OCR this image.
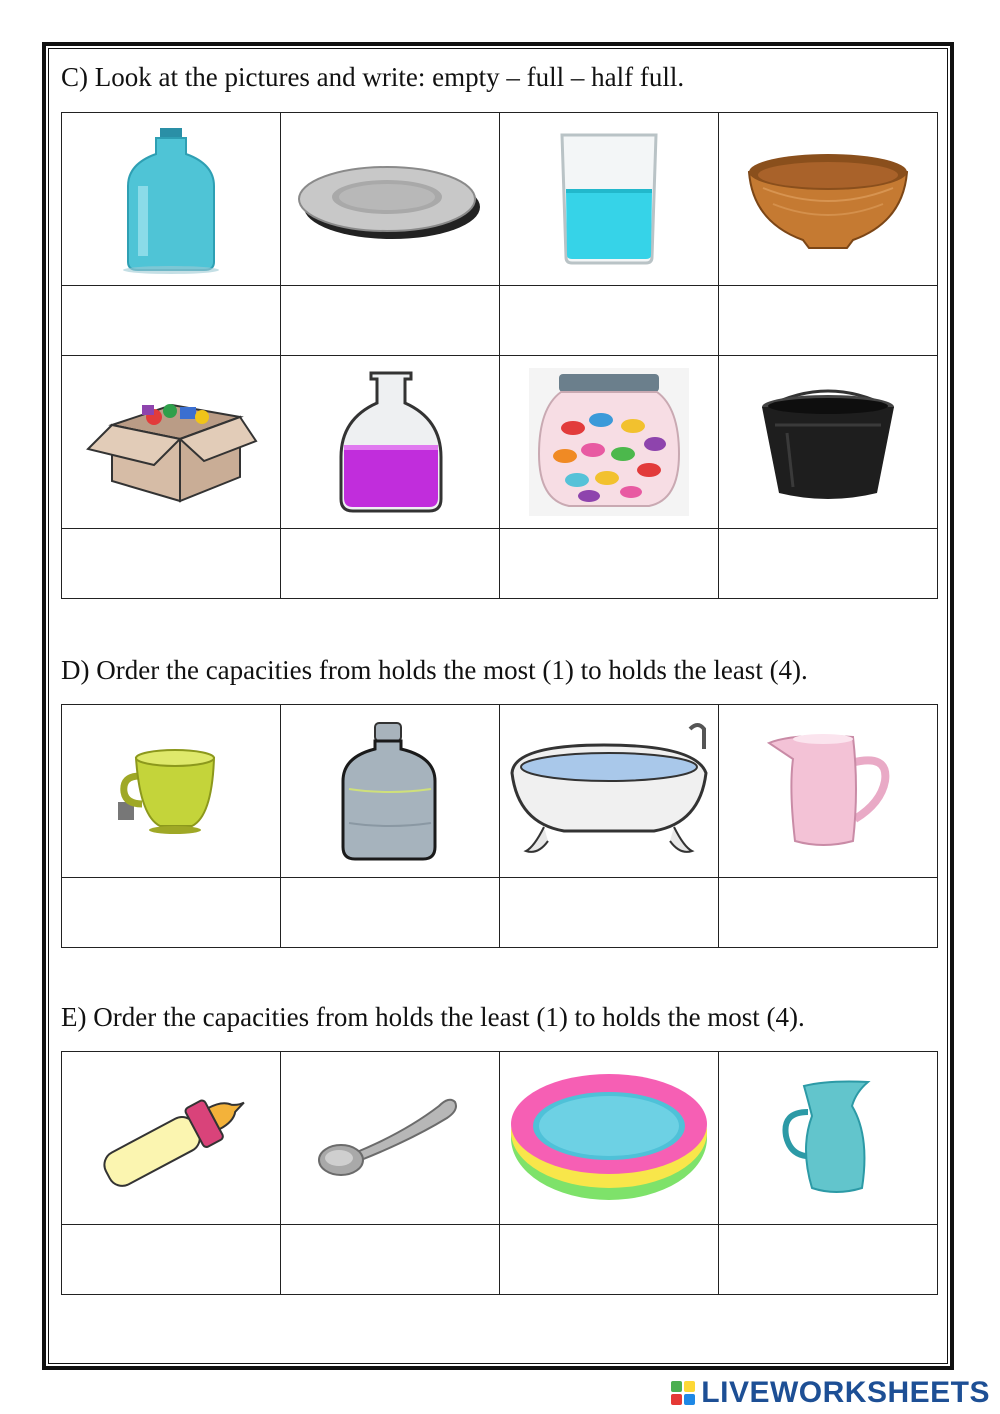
C) Look at the pictures and write: empty – full – half full.

D) Order the capacities from holds the most (1) to holds the least (4).

E) Order the capacities from holds the least (1) to holds the most (4).

LIVEWORKSHEETS
